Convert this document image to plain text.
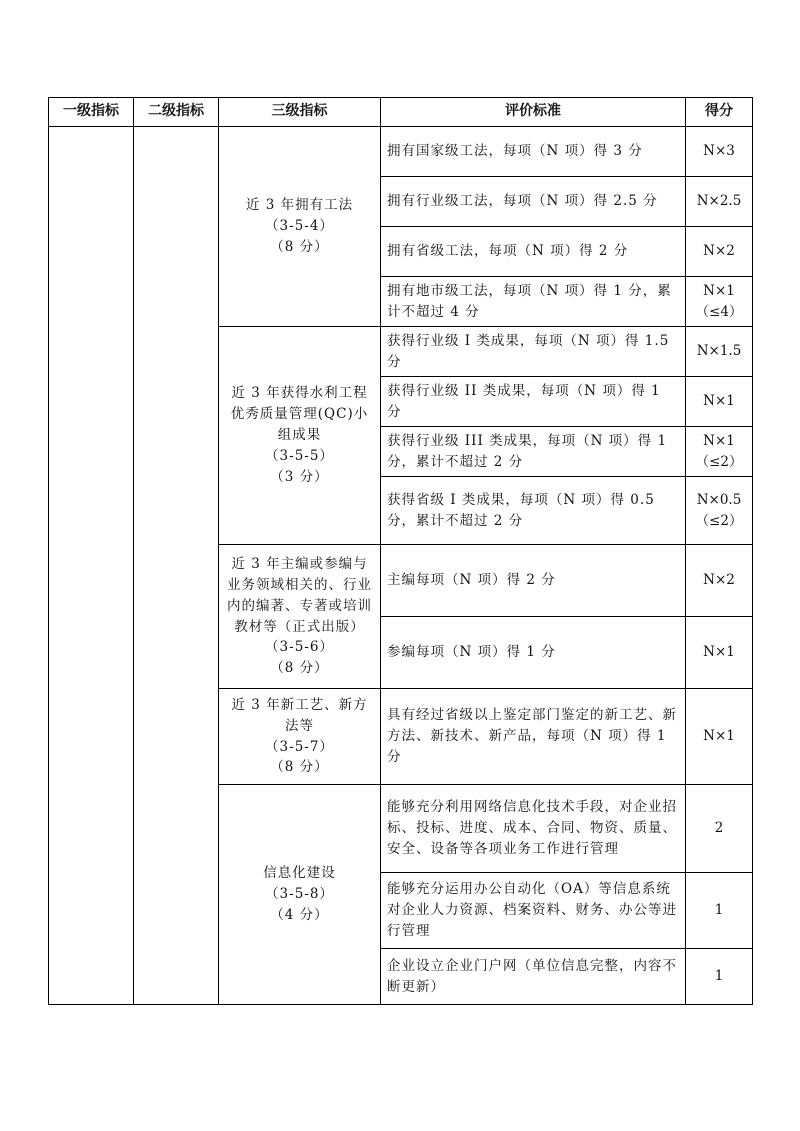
一级指标	二级指标	三级指标	评价标准	得分
		近 3 年拥有工法
（3-5-4）
（8 分）	拥有国家级工法，每项（N 项）得 3 分	N×3
			拥有行业级工法，每项（N 项）得 2.5 分	N×2.5
			拥有省级工法，每项（N 项）得 2 分	N×2
			拥有地市级工法，每项（N 项）得 1 分，累计不超过 4 分	N×1
（≤4）
		近 3 年获得水利工程优秀质量管理(QC)小组成果
（3-5-5）
（3 分）	获得行业级 I 类成果，每项（N 项）得 1.5 分	N×1.5
			获得行业级 II 类成果，每项（N 项）得 1 分	N×1
			获得行业级 III 类成果，每项（N 项）得 1 分，累计不超过 2 分	N×1
（≤2）
			获得省级 I 类成果，每项（N 项）得 0.5 分，累计不超过 2 分	N×0.5
（≤2）
		近 3 年主编或参编与业务领域相关的、行业内的编著、专著或培训教材等（正式出版）
（3-5-6）
（8 分）	主编每项（N 项）得 2 分	N×2
			参编每项（N 项）得 1 分	N×1
		近 3 年新工艺、新方法等
（3-5-7）
（8 分）	具有经过省级以上鉴定部门鉴定的新工艺、新方法、新技术、新产品，每项（N 项）得 1 分	N×1
		信息化建设
（3-5-8）
（4 分）	能够充分利用网络信息化技术手段，对企业招标、投标、进度、成本、合同、物资、质量、安全、设备等各项业务工作进行管理	2
			能够充分运用办公自动化（OA）等信息系统对企业人力资源、档案资料、财务、办公等进行管理	1
			企业设立企业门户网（单位信息完整，内容不断更新）	1
